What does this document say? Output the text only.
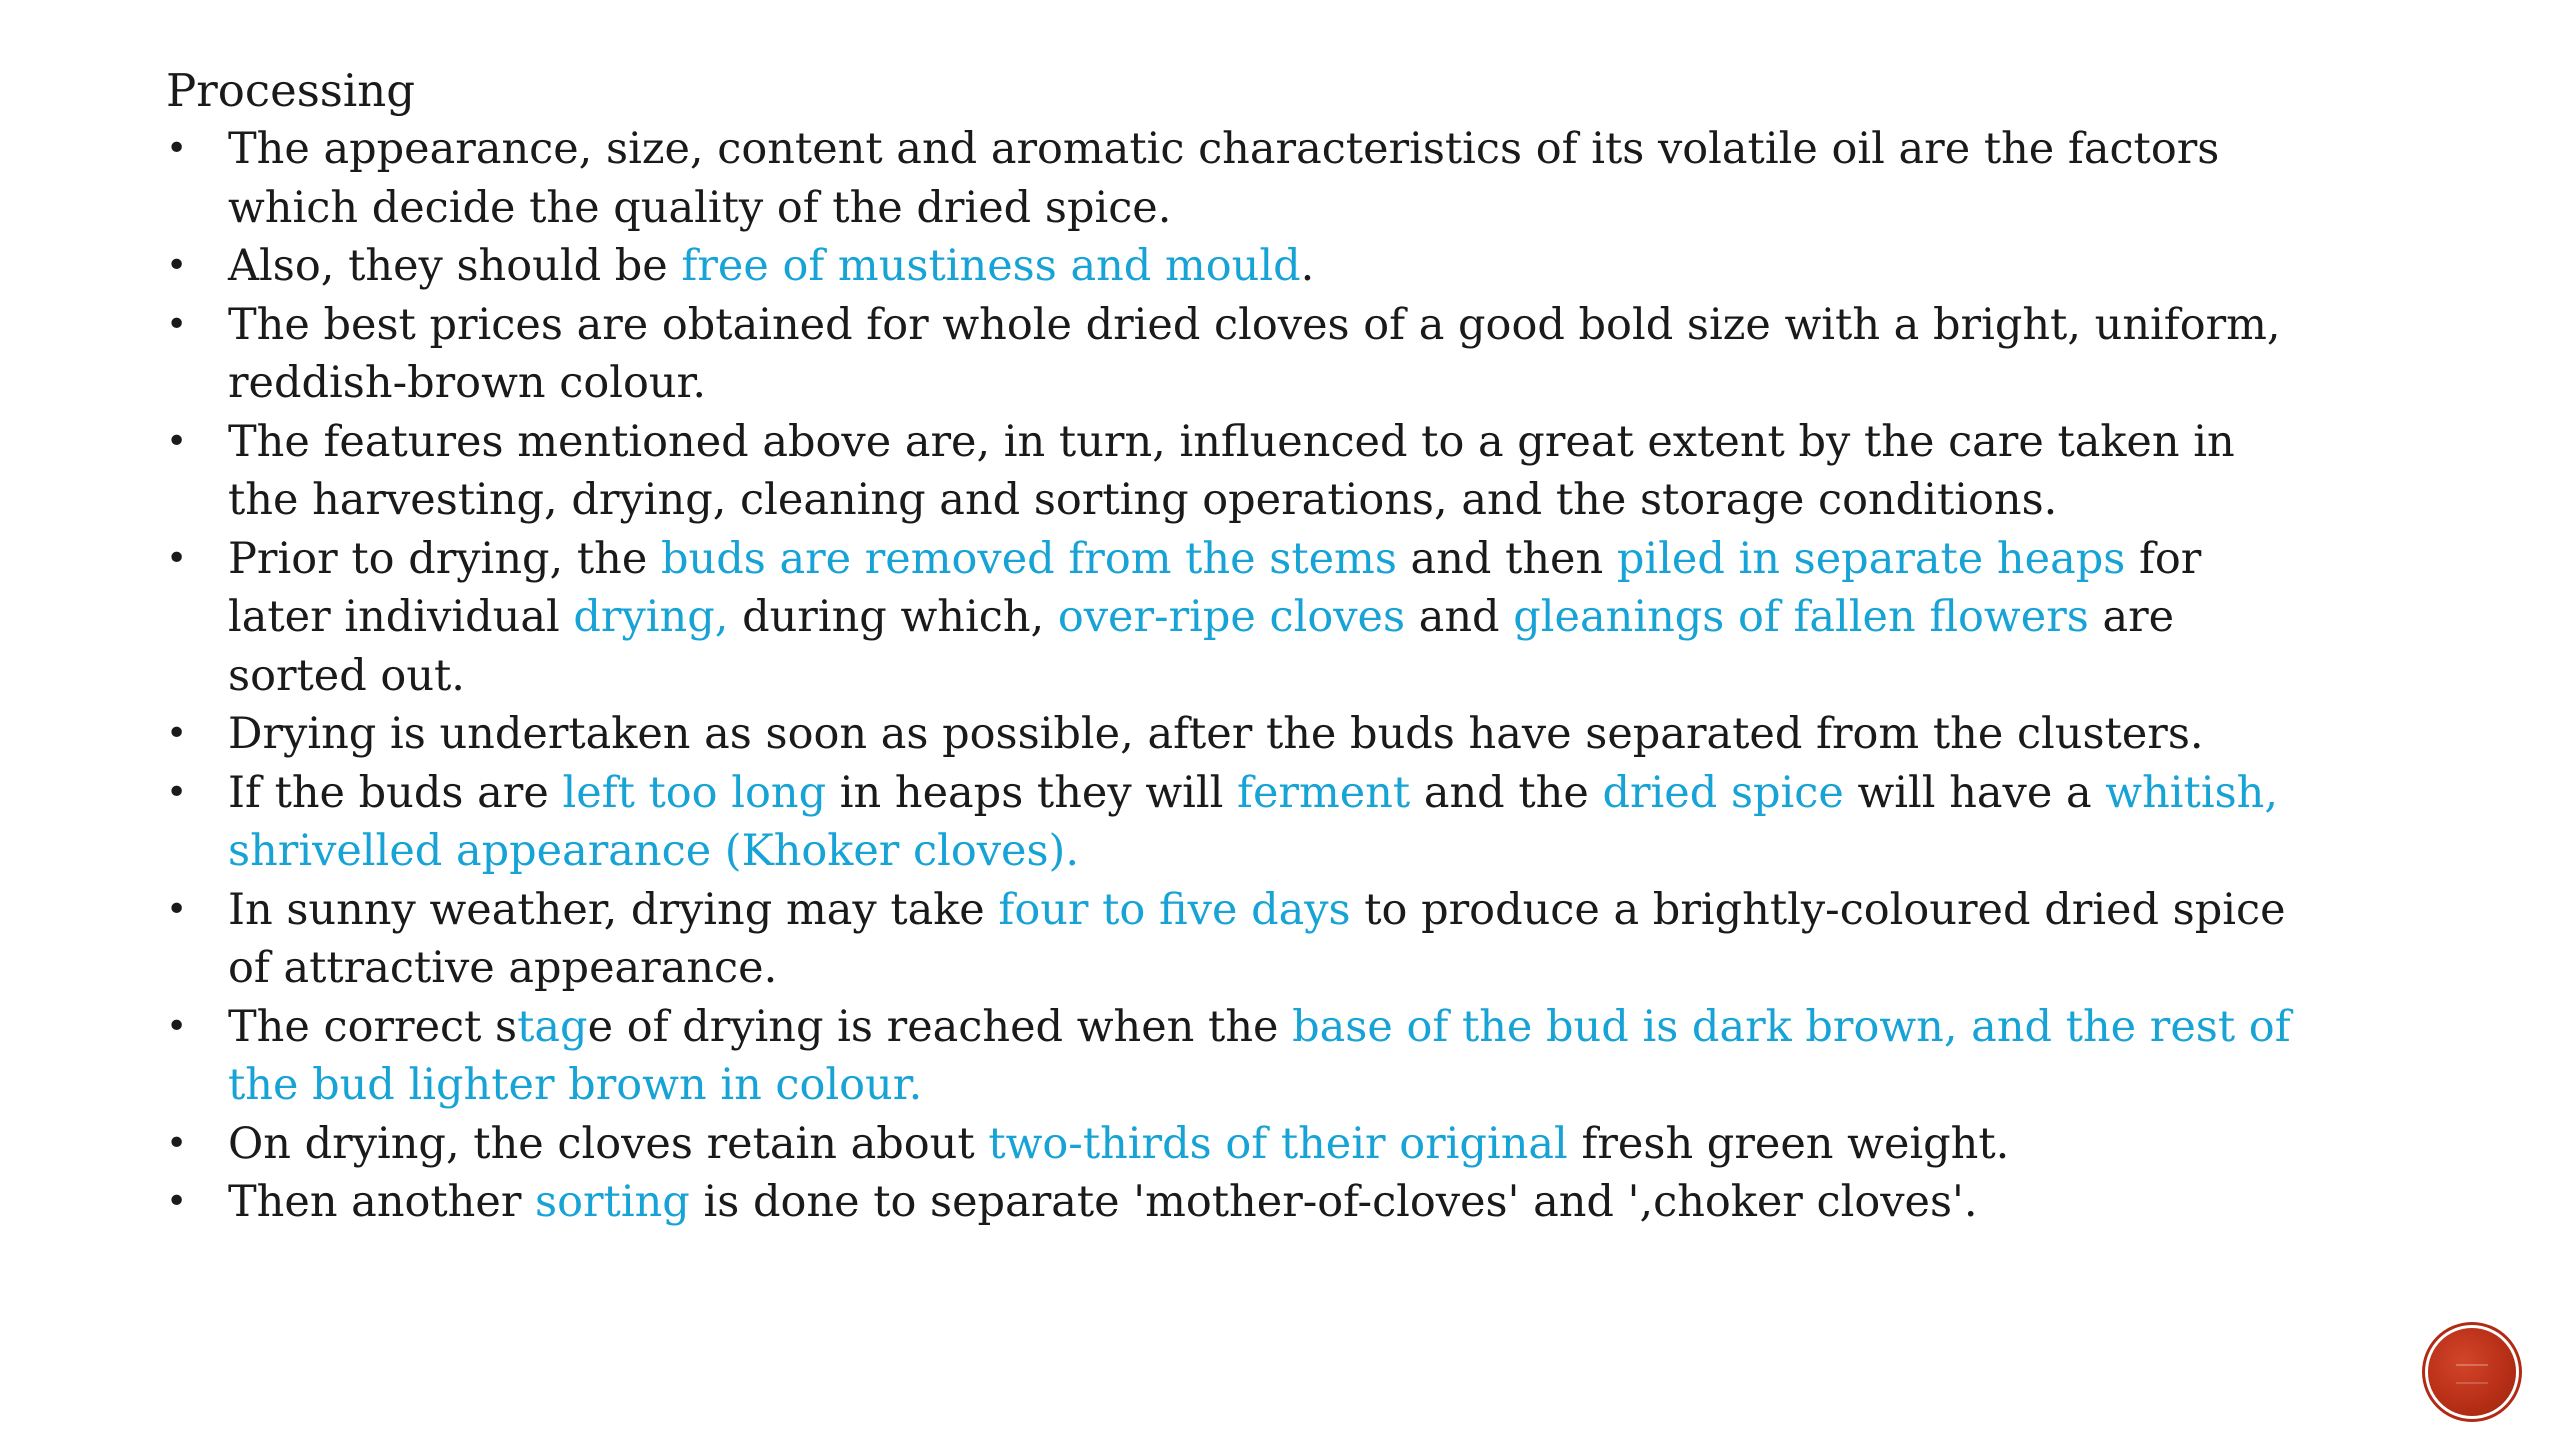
Processing
• The appearance, size, content and aromatic characteristics of its volatile oil are the factors which decide the quality of the dried spice.
• Also, they should be free of mustiness and mould.
• The best prices are obtained for whole dried cloves of a good bold size with a bright, uniform, reddish-brown colour.
• The features mentioned above are, in turn, influenced to a great extent by the care taken in the harvesting, drying, cleaning and sorting operations, and the storage conditions.
• Prior to drying, the buds are removed from the stems and then piled in separate heaps for later individual drying, during which, over-ripe cloves and gleanings of fallen flowers are sorted out.
• Drying is undertaken as soon as possible, after the buds have separated from the clusters.
• If the buds are left too long in heaps they will ferment and the dried spice will have a whitish, shrivelled appearance (Khoker cloves).
• In sunny weather, drying may take four to five days to produce a brightly-coloured dried spice of attractive appearance.
• The correct stage of drying is reached when the base of the bud is dark brown, and the rest of the bud lighter brown in colour.
• On drying, the cloves retain about two-thirds of their original fresh green weight.
• Then another sorting is done to separate 'mother-of-cloves' and ',choker cloves'.
